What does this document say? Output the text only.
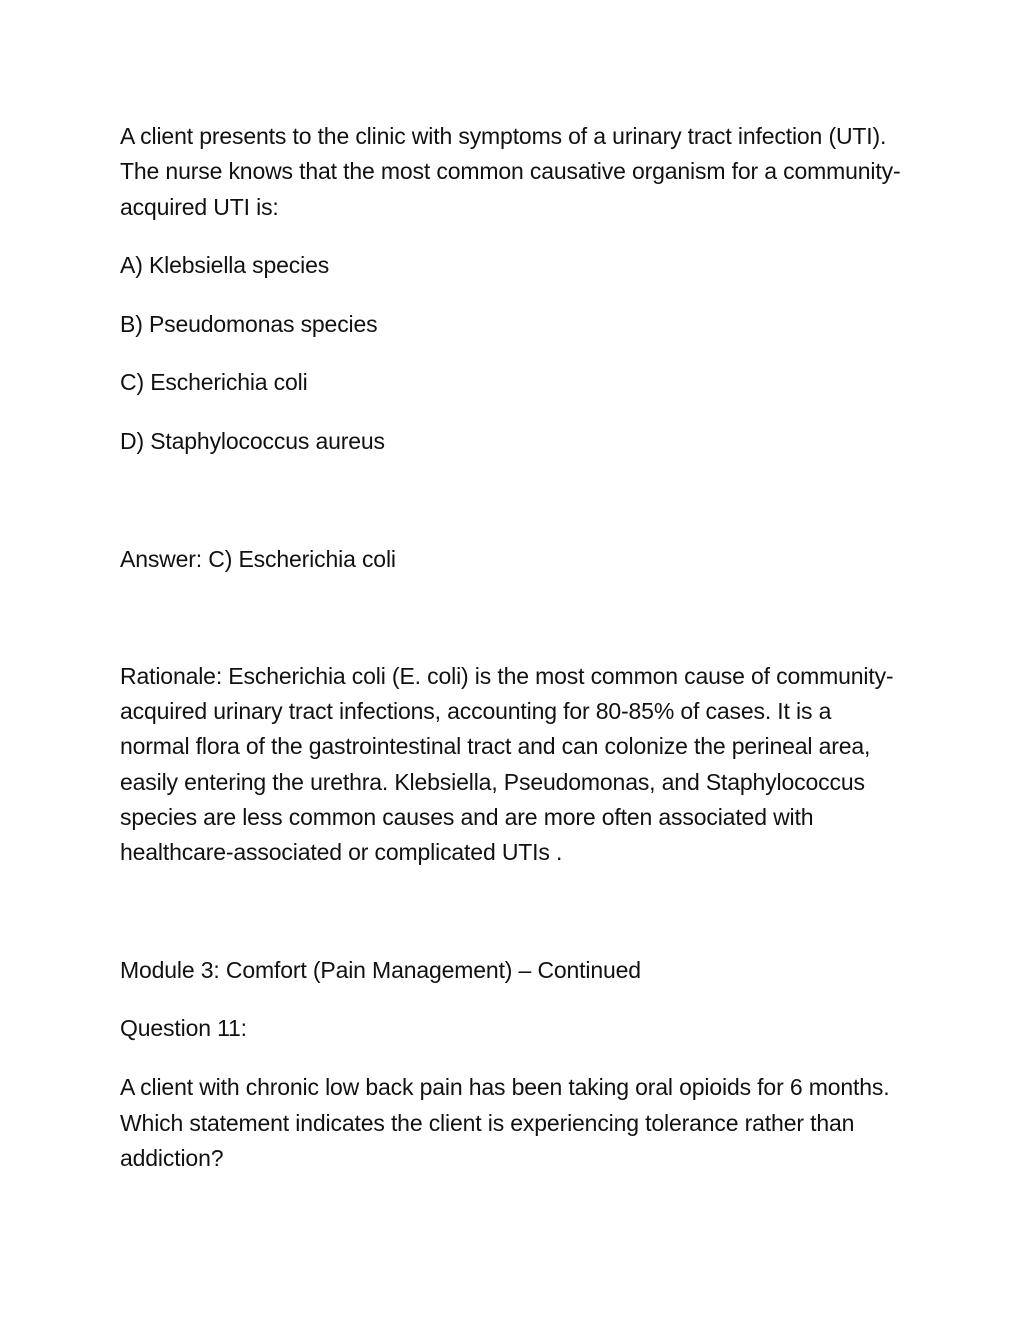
A client presents to the clinic with symptoms of a urinary tract infection (UTI). The nurse knows that the most common causative organism for a community-acquired UTI is:

A) Klebsiella species

B) Pseudomonas species

C) Escherichia coli

D) Staphylococcus aureus

Answer: C) Escherichia coli

Rationale: Escherichia coli (E. coli) is the most common cause of community-acquired urinary tract infections, accounting for 80-85% of cases. It is a normal flora of the gastrointestinal tract and can colonize the perineal area, easily entering the urethra. Klebsiella, Pseudomonas, and Staphylococcus species are less common causes and are more often associated with healthcare-associated or complicated UTIs .

Module 3: Comfort (Pain Management) – Continued

Question 11:

A client with chronic low back pain has been taking oral opioids for 6 months. Which statement indicates the client is experiencing tolerance rather than addiction?
